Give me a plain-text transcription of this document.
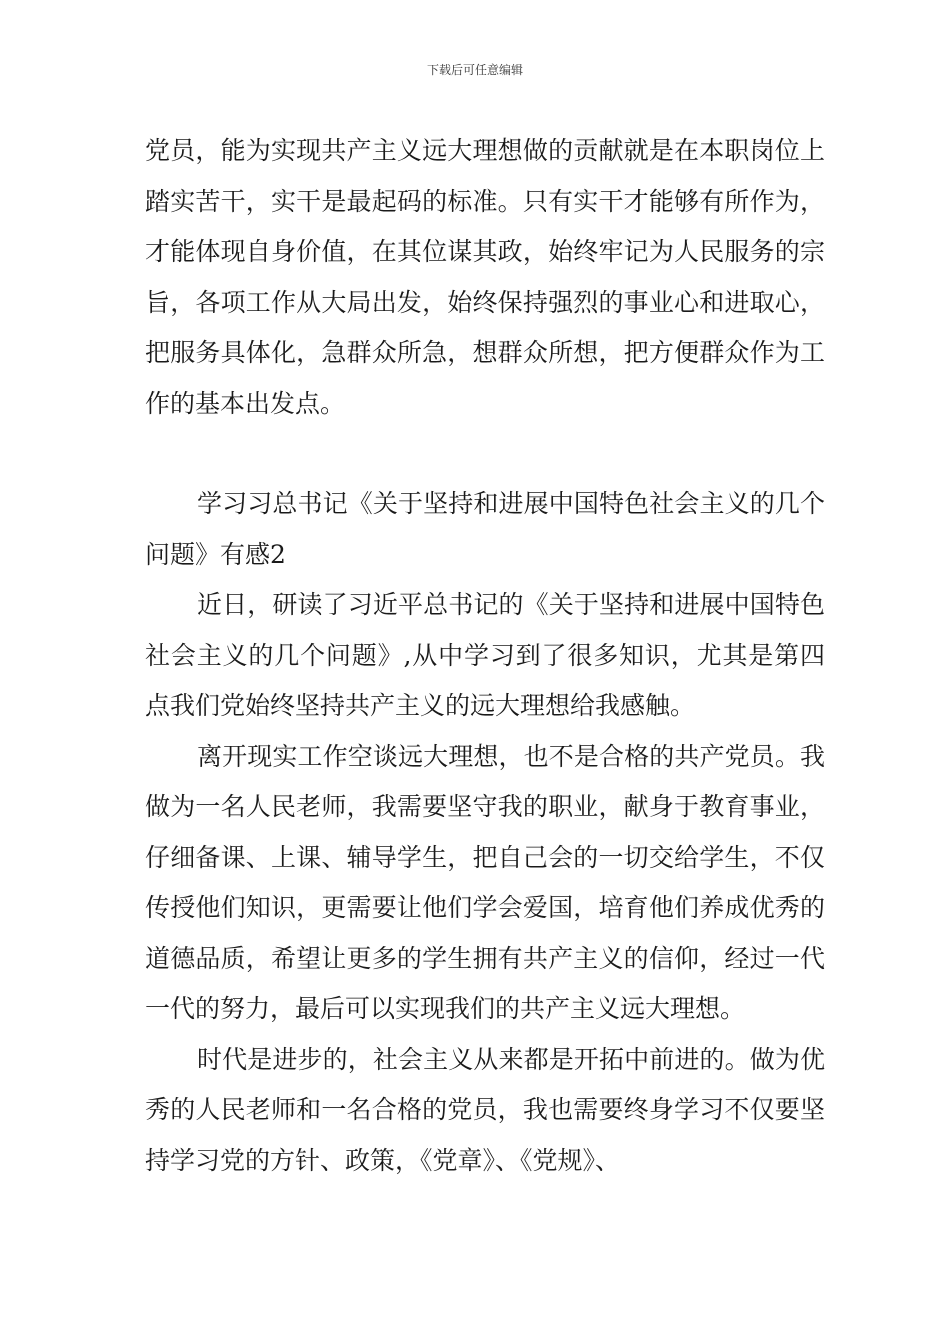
下载后可任意编辑

党员，能为实现共产主义远大理想做的贡献就是在本职岗位上踏实苦干，实干是最起码的标准。只有实干才能够有所作为，才能体现自身价值，在其位谋其政，始终牢记为人民服务的宗旨，各项工作从大局出发，始终保持强烈的事业心和进取心，把服务具体化，急群众所急，想群众所想，把方便群众作为工作的基本出发点。

学习习总书记《关于坚持和进展中国特色社会主义的几个问题》有感2

近日，研读了习近平总书记的《关于坚持和进展中国特色社会主义的几个问题》,从中学习到了很多知识，尤其是第四点我们党始终坚持共产主义的远大理想给我感触。

离开现实工作空谈远大理想，也不是合格的共产党员。我做为一名人民老师，我需要坚守我的职业，献身于教育事业，仔细备课、上课、辅导学生，把自己会的一切交给学生，不仅传授他们知识，更需要让他们学会爱国，培育他们养成优秀的道德品质，希望让更多的学生拥有共产主义的信仰，经过一代一代的努力，最后可以实现我们的共产主义远大理想。

时代是进步的，社会主义从来都是开拓中前进的。做为优秀的人民老师和一名合格的党员，我也需要终身学习不仅要坚持学习党的方针、政策，《党章》、《党规》、
